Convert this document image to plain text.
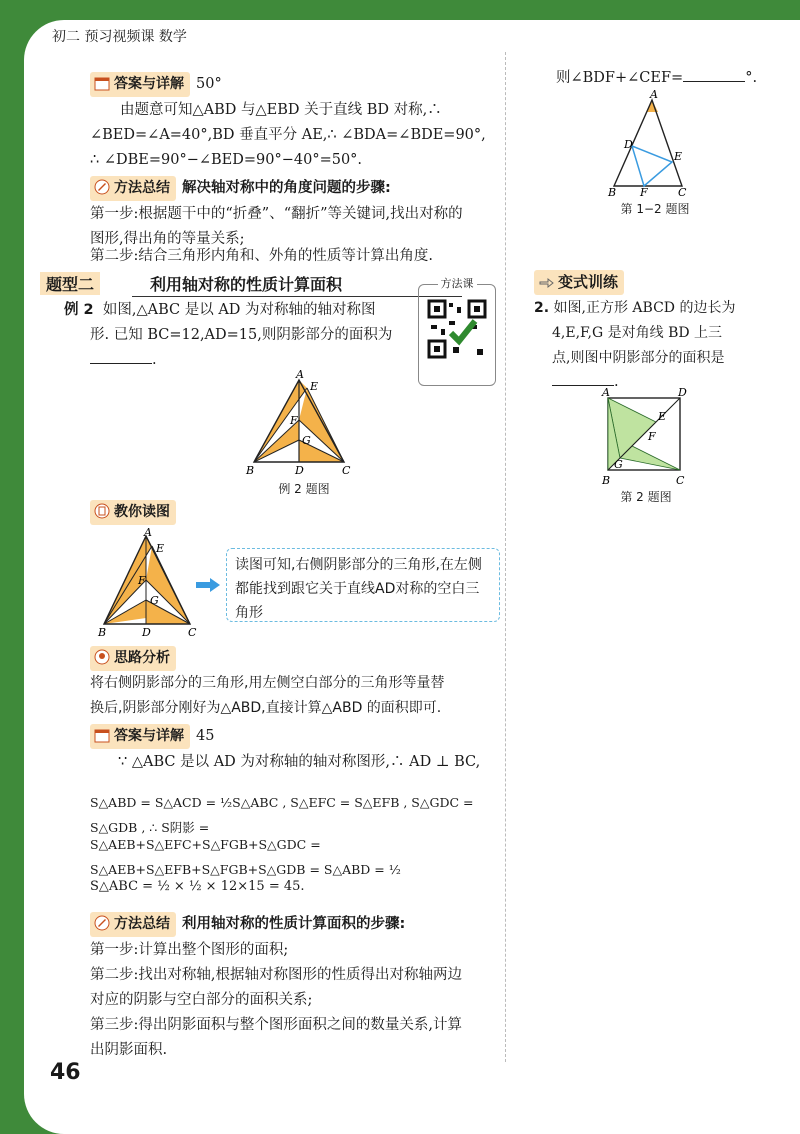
初二 预习视频课 数学
答案与详解 50°
由题意可知△ABD 与△EBD 关于直线 BD 对称,∴
∠BED=∠A=40°,BD 垂直平分 AE,∴ ∠BDA=∠BDE=90°,
∴ ∠DBE=90°−∠BED=90°−40°=50°.
方法总结 解决轴对称中的角度问题的步骤:
第一步:根据题干中的“折叠”、“翻折”等关键词,找出对称的
图形,得出角的等量关系;
第二步:结合三角形内角和、外角的性质等计算出角度.
题型二	利用轴对称的性质计算面积	方法课
例 2 如图,△ABC 是以 AD 为对称轴的轴对称图
形. 已知 BC=12,AD=15,则阴影部分的面积为
.
A
E
F
G
B	D	C
例 2 题图
教你读图
A
E
F
G
B	D	C
读图可知,右侧阴影部分的三角形,在左侧都能找到跟它关于直线AD对称的空白三角形
思路分析
将右侧阴影部分的三角形,用左侧空白部分的三角形等量替
换后,阴影部分刚好为△ABD,直接计算△ABD 的面积即可.
答案与详解 45
∵ △ABC 是以 AD 为对称轴的轴对称图形,∴ AD ⊥ BC,
S△ABD = S△ACD = ½S△ABC , S△EFC = S△EFB , S△GDC = S△GDB , ∴ S阴影 =
S△AEB+S△EFC+S△FGB+S△GDC = S△AEB+S△EFB+S△FGB+S△GDB = S△ABD = ½
S△ABC = ½ × ½ × 12×15 = 45.
方法总结 利用轴对称的性质计算面积的步骤:
第一步:计算出整个图形的面积;
第二步:找出对称轴,根据轴对称图形的性质得出对称轴两边
对应的阴影与空白部分的面积关系;
第三步:得出阴影面积与整个图形面积之间的数量关系,计算
出阴影面积.
46
则∠BDF+∠CEF=	°.
A
D
E
B F	C
第 1−2 题图
变式训练
2. 如图,正方形 ABCD 的边长为
4,E,F,G 是对角线 BD 上三
点,则图中阴影部分的面积是
.
A	D
E
F
G
B	C
第 2 题图
